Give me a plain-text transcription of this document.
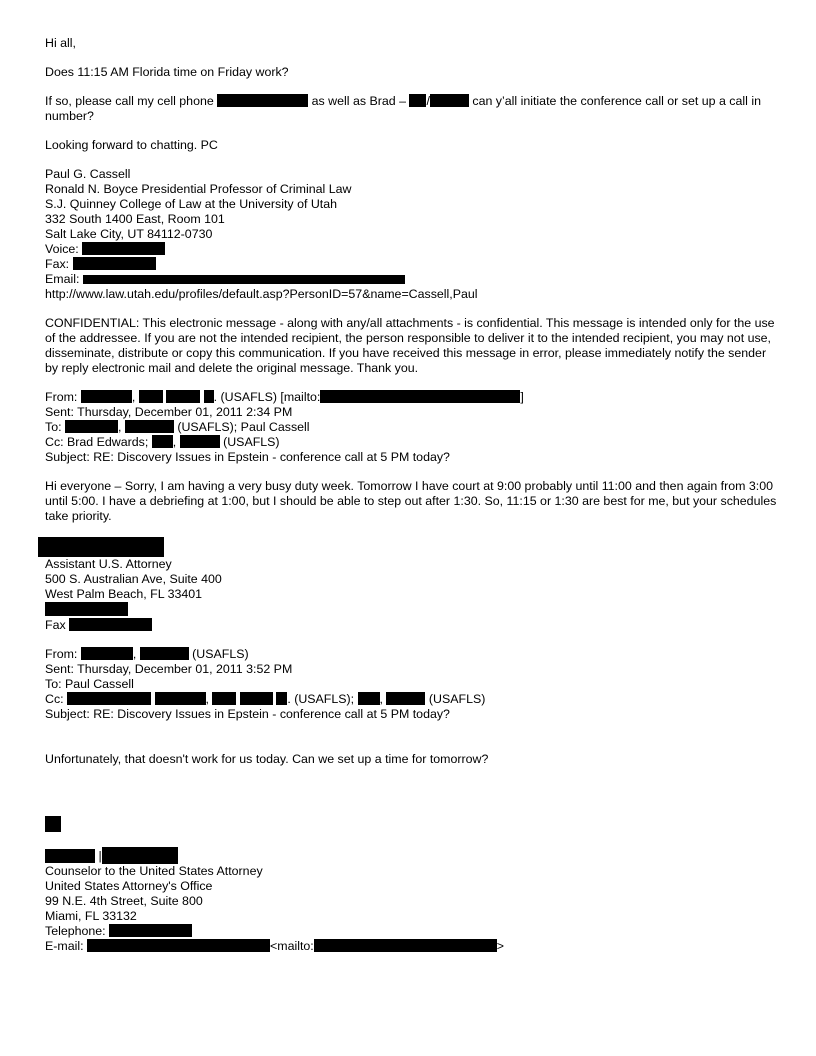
Hi all,
Does 11:15 AM Florida time on Friday work?
If so, please call my cell phone	as well as Brad – /	can y’all initiate the conference call or set up a call in number?
Looking forward to chatting. PC
Paul G. Cassell
Ronald N. Boyce Presidential Professor of Criminal Law
S.J. Quinney College of Law at the University of Utah
332 South 1400 East, Room 101
Salt Lake City, UT 84112-0730
Voice:
Fax:
Email:
http://www.law.utah.edu/profiles/default.asp?PersonID=57&name=Cassell,Paul
CONFIDENTIAL: This electronic message - along with any/all attachments - is confidential. This message is intended only for the use of the addressee. If you are not the intended recipient, the person responsible to deliver it to the intended recipient, you may not use, disseminate, distribute or copy this communication. If you have received this message in error, please immediately notify the sender by reply electronic mail and delete the original message. Thank you.
From:	,	. (USAFLS) [mailto:	]
Sent: Thursday, December 01, 2011 2:34 PM
To:	,	(USAFLS); Paul Cassell
Cc: Brad Edwards; ,	(USAFLS)
Subject: RE: Discovery Issues in Epstein - conference call at 5 PM today?
Hi everyone – Sorry, I am having a very busy duty week. Tomorrow I have court at 9:00 probably until 11:00 and then again from 3:00 until 5:00. I have a debriefing at 1:00, but I should be able to step out after 1:30. So, 11:15 or 1:30 are best for me, but your schedules take priority.
Assistant U.S. Attorney
500 S. Australian Ave, Suite 400
West Palm Beach, FL 33401
Fax
From:	,	(USAFLS)
Sent: Thursday, December 01, 2011 3:52 PM
To: Paul Cassell
Cc:	,	. (USAFLS); ,	(USAFLS)
Subject: RE: Discovery Issues in Epstein - conference call at 5 PM today?
Unfortunately, that doesn't work for us today. Can we set up a time for tomorrow?
|
Counselor to the United States Attorney
United States Attorney's Office
99 N.E. 4th Street, Suite 800
Miami, FL 33132
Telephone:
E-mail:	<mailto:	>
